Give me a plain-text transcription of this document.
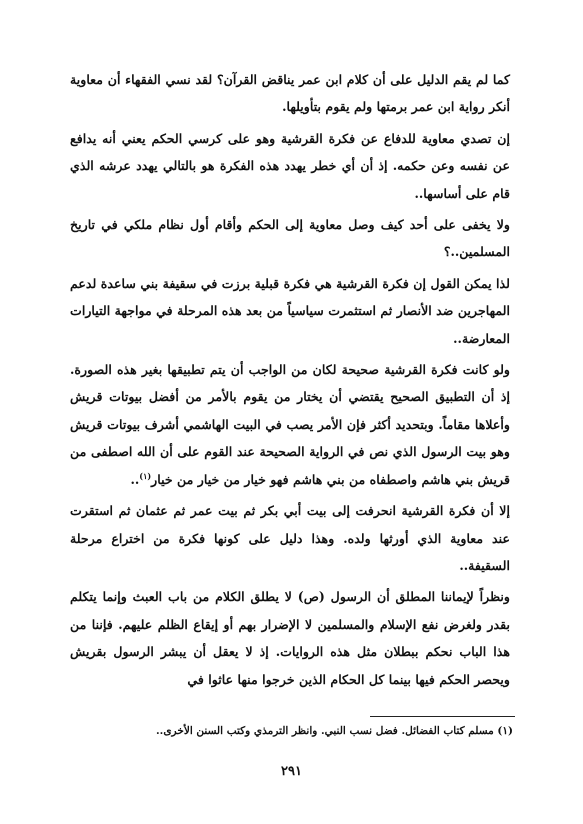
كما لم يقم الدليل على أن كلام ابن عمر يناقض القرآن؟ لقد نسي الفقهاء أن معاوية أنكر رواية ابن عمر برمتها ولم يقوم بتأويلها.

إن تصدي معاوية للدفاع عن فكرة القرشية وهو على كرسي الحكم يعني أنه يدافع عن نفسه وعن حكمه. إذ أن أي خطر يهدد هذه الفكرة هو بالتالي يهدد عرشه الذي قام على أساسها..

ولا يخفى على أحد كيف وصل معاوية إلى الحكم وأقام أول نظام ملكي في تاريخ المسلمين..؟

لذا يمكن القول إن فكرة القرشية هي فكرة قبلية برزت في سقيفة بني ساعدة لدعم المهاجرين ضد الأنصار ثم استثمرت سياسياً من بعد هذه المرحلة في مواجهة التيارات المعارضة..

ولو كانت فكرة القرشية صحيحة لكان من الواجب أن يتم تطبيقها بغير هذه الصورة. إذ أن التطبيق الصحيح يقتضي أن يختار من يقوم بالأمر من أفضل بيوتات قريش وأعلاها مقاماً. وبتحديد أكثر فإن الأمر يصب في البيت الهاشمي أشرف بيوتات قريش وهو بيت الرسول الذي نص في الرواية الصحيحة عند القوم على أن الله اصطفى من قريش بني هاشم واصطفاه من بني هاشم فهو خيار من خيار من خيار$^{(١)}$..

إلا أن فكرة القرشية انحرفت إلى بيت أبي بكر ثم بيت عمر ثم عثمان ثم استقرت عند معاوية الذي أورثها ولده. وهذا دليل على كونها فكرة من اختراع مرحلة السقيفة..

ونظراً لإيماننا المطلق أن الرسول (ص) لا يطلق الكلام من باب العبث وإنما يتكلم بقدر ولغرض نفع الإسلام والمسلمين لا الإضرار بهم أو إيقاع الظلم عليهم. فإننا من هذا الباب نحكم ببطلان مثل هذه الروايات. إذ لا يعقل أن يبشر الرسول بقريش ويحصر الحكم فيها بينما كل الحكام الذين خرجوا منها عاثوا في

(١) مسلم كتاب الفضائل. فضل نسب النبي. وانظر الترمذي وكتب السنن الأخرى..
٢٩١
